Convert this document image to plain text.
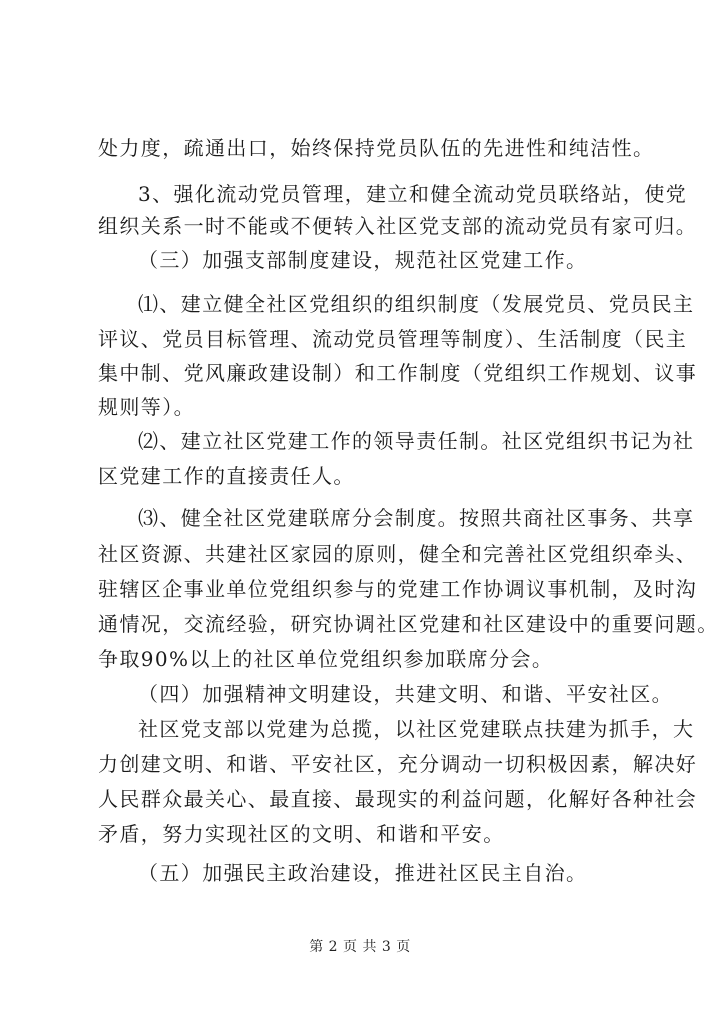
处力度，疏通出口，始终保持党员队伍的先进性和纯洁性。
3、强化流动党员管理，建立和健全流动党员联络站，使党
组织关系一时不能或不便转入社区党支部的流动党员有家可归。
（三）加强支部制度建设，规范社区党建工作。
⑴、建立健全社区党组织的组织制度（发展党员、党员民主
评议、党员目标管理、流动党员管理等制度）、生活制度（民主
集中制、党风廉政建设制）和工作制度（党组织工作规划、议事
规则等）。
⑵、建立社区党建工作的领导责任制。社区党组织书记为社
区党建工作的直接责任人。
⑶、健全社区党建联席分会制度。按照共商社区事务、共享
社区资源、共建社区家园的原则，健全和完善社区党组织牵头、
驻辖区企事业单位党组织参与的党建工作协调议事机制，及时沟
通情况，交流经验，研究协调社区党建和社区建设中的重要问题。
争取90%以上的社区单位党组织参加联席分会。
（四）加强精神文明建设，共建文明、和谐、平安社区。
社区党支部以党建为总揽，以社区党建联点扶建为抓手，大
力创建文明、和谐、平安社区，充分调动一切积极因素，解决好
人民群众最关心、最直接、最现实的利益问题，化解好各种社会
矛盾，努力实现社区的文明、和谐和平安。
（五）加强民主政治建设，推进社区民主自治。
第 2 页 共 3 页
